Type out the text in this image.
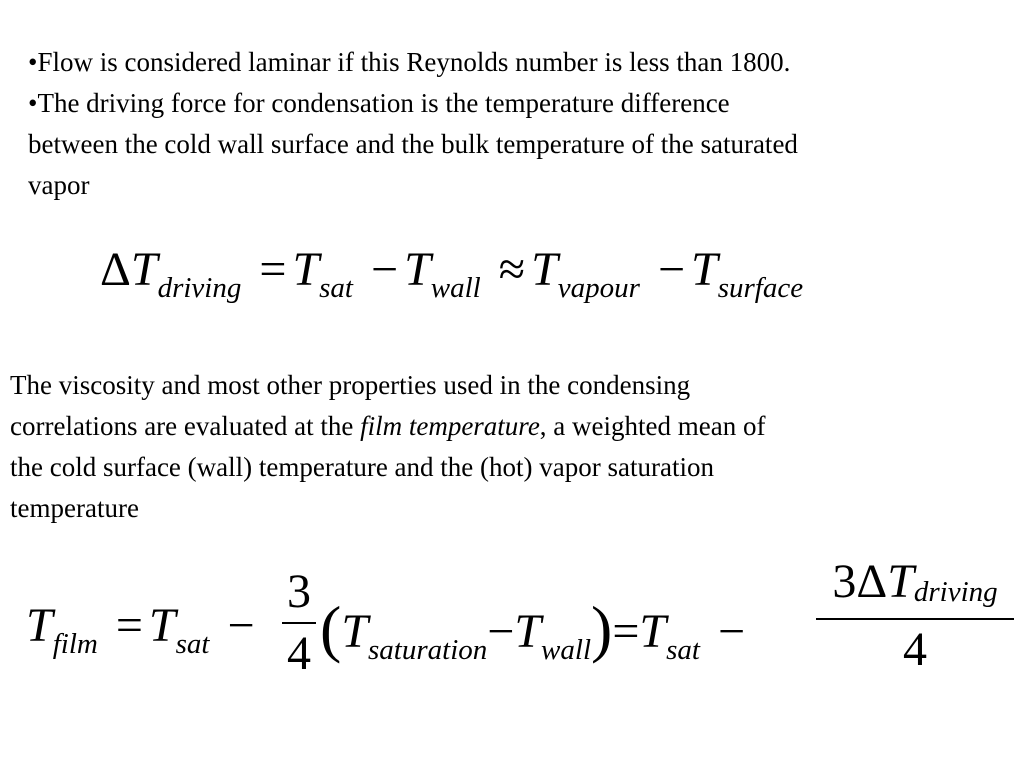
•Flow is considered laminar if this Reynolds number is less than 1800.
•The driving force for condensation is the temperature difference
between the cold wall surface and the bulk temperature of the saturated
vapor
$\Delta T_{driving} = T_{sat} - T_{wall} \approx T_{vapour} - T_{surface}$
The viscosity and most other properties used in the condensing
correlations are evaluated at the film temperature, a weighted mean of
the cold surface (wall) temperature and the (hot) vapor saturation
temperature
$T_{film} = T_{sat}$ −
3
4 $(T_{saturation}-T_{wall})=T_{sat}$ −
3ΔTdriving
4
